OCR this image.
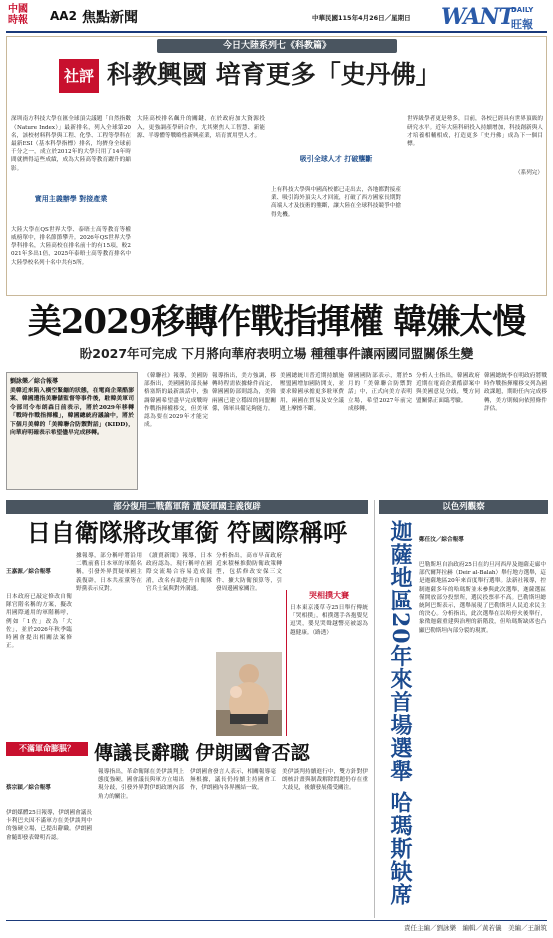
中國
時報	AA2 焦點新聞	中華民國115年4月26日／星期日 WANT
DAILY
旺報
今日大陸系列七《科教篇》
社評 科教興國 培育更多「史丹佛」

深圳南方科技大學在匯全球頂尖議題「自然指數（Nature Index）」最新排名，列入全球第20名，該校材料科學與工程、化學、工程等學科在最新ESI（基本科學指標）排名，均擠身全球前千分之一，成立於2012年的大學只用了14年時間就擠得這些成績，成為大陸高等教育躍升的縮影。

實用主義辦學 對接產業

大陸大學在QS世界大學、泰晤士高等教育等權威榜單中，排名節節攀升。2026年QS世界大學學科排名，大陸高校在排名前十的有15項，較2021年多出1倍，2025年泰晤士高等教育排名中大陸學校名列十名中共有5所。

大陸高校排名飆升的關鍵，在於政府加大資源投入，更強調產學研合作，尤其聚焦人工智慧、新能源、半導體等戰略性新興產業，培育實用型人才。

吸引全球人才 打破壟斷

上有科技大學與中國高校都已走出去，各地都對接產業、吸引海外頂尖人才回流，打破了西方國家長期對高端人才及技術的壟斷，讓大陸在全球科技競爭中搶得先機。

世界級學者更是勢多，目前，各校已經具有世界頂級的研究水平。近年大陸科研投入持續增加，科技創新與人才培養相輔相成，打造更多「史丹佛」成為下一個目標。

（系列完）

美2029移轉作戰指揮權 韓嫌太慢
盼2027年可完成 下月將向華府表明立場 種種事件讓兩國同盟關係生變
劉詠樂／綜合報導
美韓近來陷入橫空緊繃的狀態，在電商企業酷澎案、韓國遭指美聯儲監督等事件後，駐韓美軍司令部司令布朗森日前表示，將於2029年移轉「戰時作戰指揮權」，韓國總統府議論中，將於下個月美韓的「美韓聯合防禦對話」(KIDD)，向華府明確表示希望儘早完成移轉。
《韓聯社》報導，美國防部指出，美國國防部長赫格塞斯的最新談話中，強調韓國希望盡早完成戰時作戰指揮權移交，但美軍認為要在2029年才能完成。
報導指出，美方強調，移轉時程需依據條件而定，韓國國防部則認為，美韓兩國已建立穩固的同盟關係，韓軍具備足夠能力。
美國總統川普近期持續施壓盟國增加國防開支，並要求韓國承擔更多駐軍費用，兩國在貿易及安全議題上摩擦不斷。
韓國國防部表示，將於5月的「美韓聯合防禦對話」中，正式向美方表明立場，希望2027年前完成移轉。
分析人士指出，韓國政府近期在電商企業酷澎案中與美國意見分歧，雙方同盟關係正面臨考驗。
韓國總統李在明政府將戰時作戰指揮權移交列為國政課題，期盼任內完成移轉，美方則傾向依照條件評估。
部分復用二戰舊軍階 遭疑軍國主義復辟
日自衛隊將改軍銜 符國際稱呼

王嘉源／綜合報導

日本政府已敲定修改自衛隊官階名稱的方案，擬改用國際通用的軍階稱呼，例如「1佐」改為「大佐」，並於2026年秋季臨時國會提出相關法案修正。

據報導，部分稱呼將沿用二戰前舊日本軍的軍階名稱，引發外界質疑軍國主義復辟，日本共產黨等在野黨表示反對。
《讀賣新聞》報導，日本政府認為，現行稱呼在國際交流場合容易造成混淆，改名有助提升自衛隊官兵士氣與對外溝通。
分析指出，高市早苗政府近來積極推動防衛政策轉型，包括修改安保三文件、擴大防衛預算等，引發周邊國家關注。
哭相撲大賽
日本東京淺草寺25日舉行傳統「哭相撲」，相撲選手各抱嬰兒逗哭，嬰兒哭聲越響亮被認為越健康。（路透）
不滿軍命膨脹？	傳議長辭職 伊朗國會否認

蔡宗穎／綜合報導

伊朗媒體25日報導，伊朗國會議長卡利巴夫因不滿軍方在美伊談判中的強硬立場，已提出辭職。伊朗國會隨即發表聲明否認。

報導指出，革命衛隊在美伊談判上態度強硬，國會議長與軍方立場出現分歧，引發外界對伊朗政壇內部角力的關注。
伊朗國會發言人表示，相關報導毫無根據，議長仍持續主持國會工作，伊朗國內各界團結一致。
美伊談判持續進行中，雙方針對伊朗核計畫與制裁解除問題仍存在重大歧見，後續發展備受關注。
以色列觀察
迦薩地區20年來首場選舉 哈瑪斯缺席

	鄭任汶／綜合報導

巴勒斯坦自治政府25日在約旦河西岸及迦薩走廊中部代爾拜拉赫（Deir al-Balah）舉行地方選舉，這是迦薩地區20年來首度舉行選舉。法新社報導，控制迦薩多年的哈瑪斯並未參與此次選舉，迦薩選區僅開放部分投票所，選民投票率不高。巴勒斯坦總統阿巴斯表示，選舉展現了巴勒斯坦人民追求民主的決心。分析指出，此次選舉在以哈停火後舉行，象徵迦薩重建與治理的新階段，但哈瑪斯缺席也凸顯巴勒斯坦內部分裂的現實。

責任主編／劉詠樂　編輯／黃若儀　美編／王韻筑
